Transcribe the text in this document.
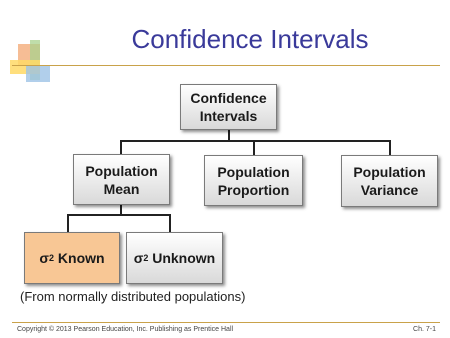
Confidence Intervals
Confidence
Intervals
Population
Mean
Population
Proportion
Population
Variance
σ 2 Known σ 2 Unknown
(From normally distributed populations)
Copyright © 2013 Pearson Education, Inc. Publishing as Prentice Hall	Ch. 7-1
